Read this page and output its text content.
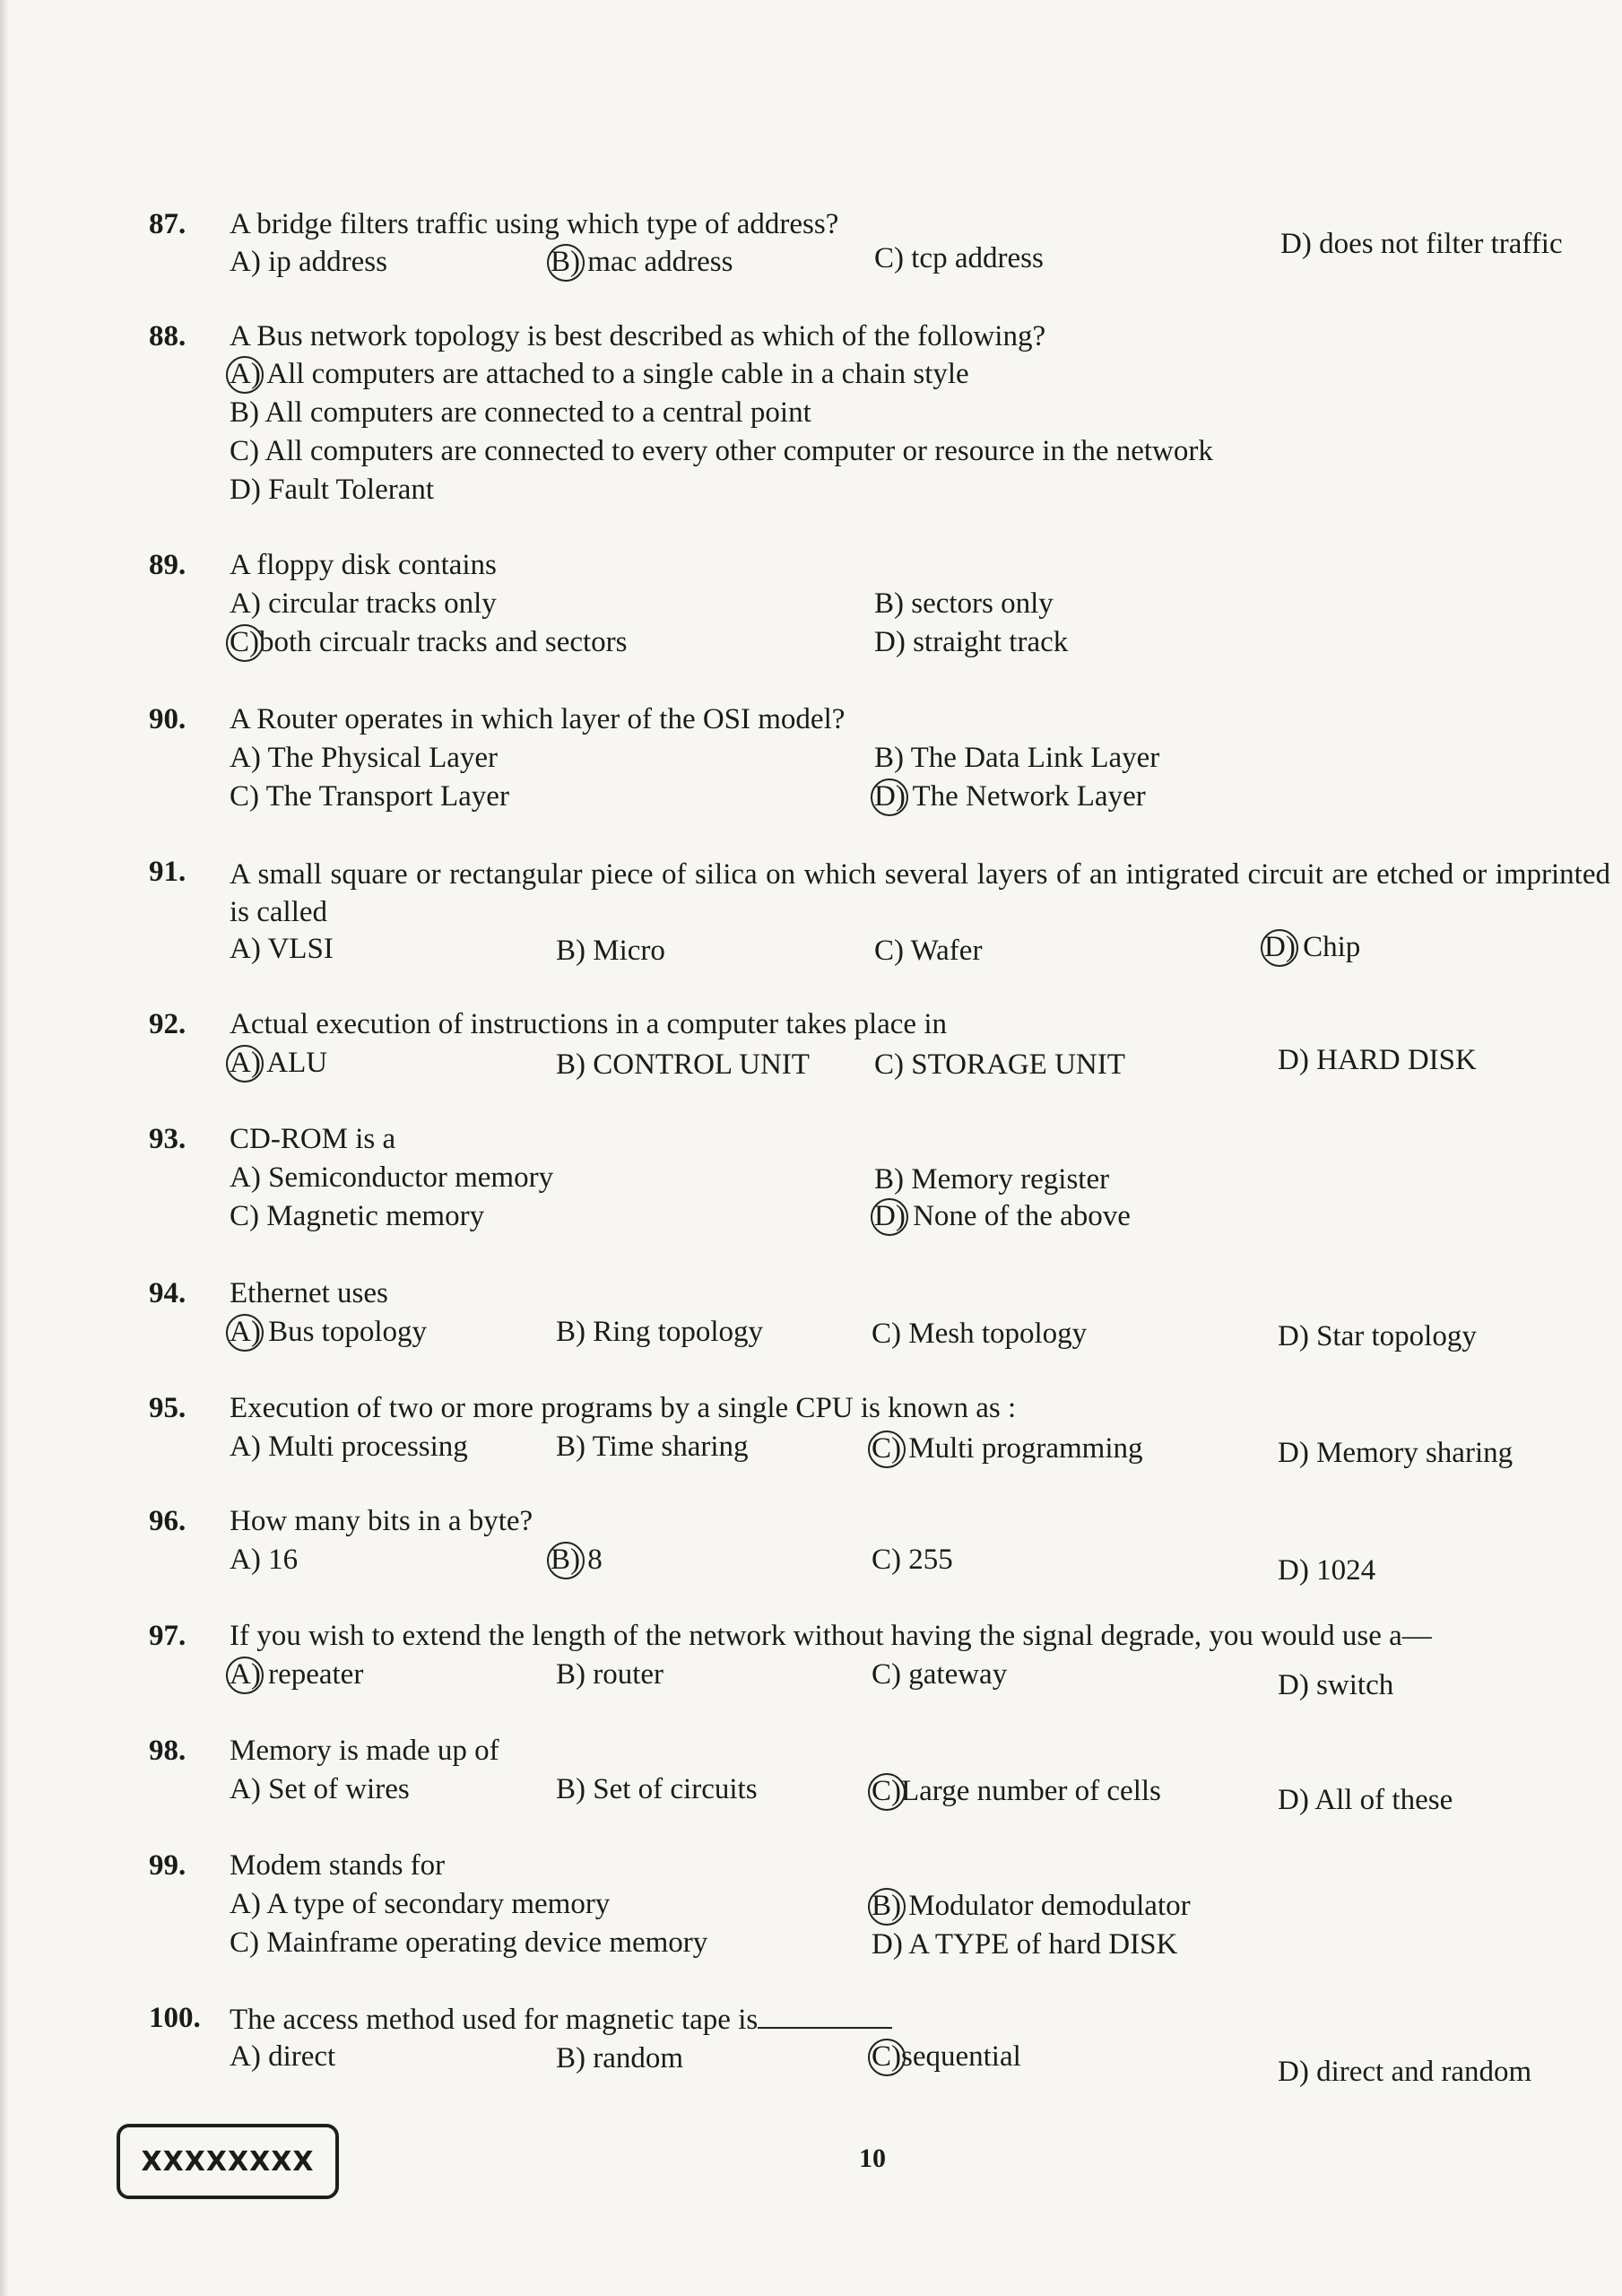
87. A bridge filters traffic using which type of address?
A) ip address	B) mac address	C) tcp address	D) does not filter traffic
88. A Bus network topology is best described as which of the following?
A) All computers are attached to a single cable in a chain style
B) All computers are connected to a central point
C) All computers are connected to every other computer or resource in the network
D) Fault Tolerant
89. A floppy disk contains
A) circular tracks only	B) sectors only
C)both circualr tracks and sectors	D) straight track
90. A Router operates in which layer of the OSI model?
A) The Physical Layer	B) The Data Link Layer
C) The Transport Layer	D) The Network Layer
91. A small square or rectangular piece of silica on which several layers of an intigrated circuit are etched or imprinted is called
A) VLSI	B) Micro	C) Wafer	D) Chip
92. Actual execution of instructions in a computer takes place in
A) ALU	B) CONTROL UNIT C) STORAGE UNIT	D) HARD DISK
93. CD-ROM is a
A) Semiconductor memory	B) Memory register
C) Magnetic memory	D) None of the above
94. Ethernet uses
A) Bus topology	B) Ring topology	C) Mesh topology	D) Star topology
95. Execution of two or more programs by a single CPU is known as :
A) Multi processing	B) Time sharing	C) Multi programming	D) Memory sharing
96. How many bits in a byte?
A) 16	B) 8	C) 255	D) 1024
97. If you wish to extend the length of the network without having the signal degrade, you would use a—
A) repeater	B) router	C) gateway	D) switch
98. Memory is made up of
A) Set of wires	B) Set of circuits	C)Large number of cells	D) All of these
99. Modem stands for
A) A type of secondary memory	B) Modulator demodulator
C) Mainframe operating device memory	D) A TYPE of hard DISK
100. The access method used for magnetic tape is
A) direct	B) random	C)sequential	D) direct and random
XXXXXXXX	10
